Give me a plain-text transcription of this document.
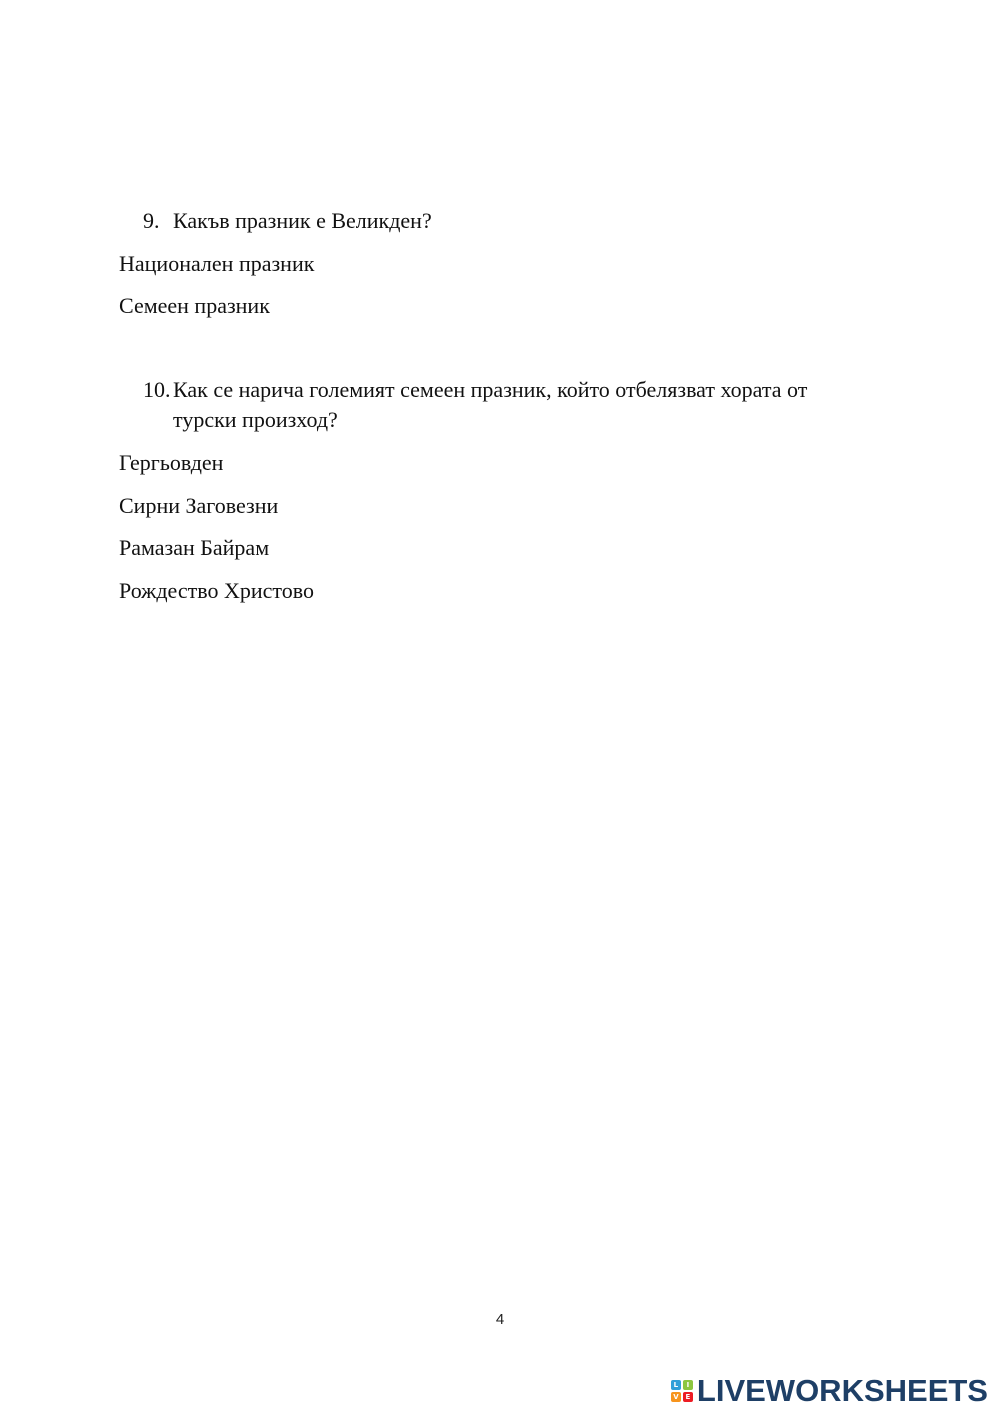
9. Какъв празник е Великден?
Национален празник
Семеен празник
10. Как се нарича големият семеен празник, който отбелязват хората от турски произход?
Гергьовден
Сирни Заговезни
Рамазан Байрам
Рождество Христово
4
L	I
V E LIVEWORKSHEETS
